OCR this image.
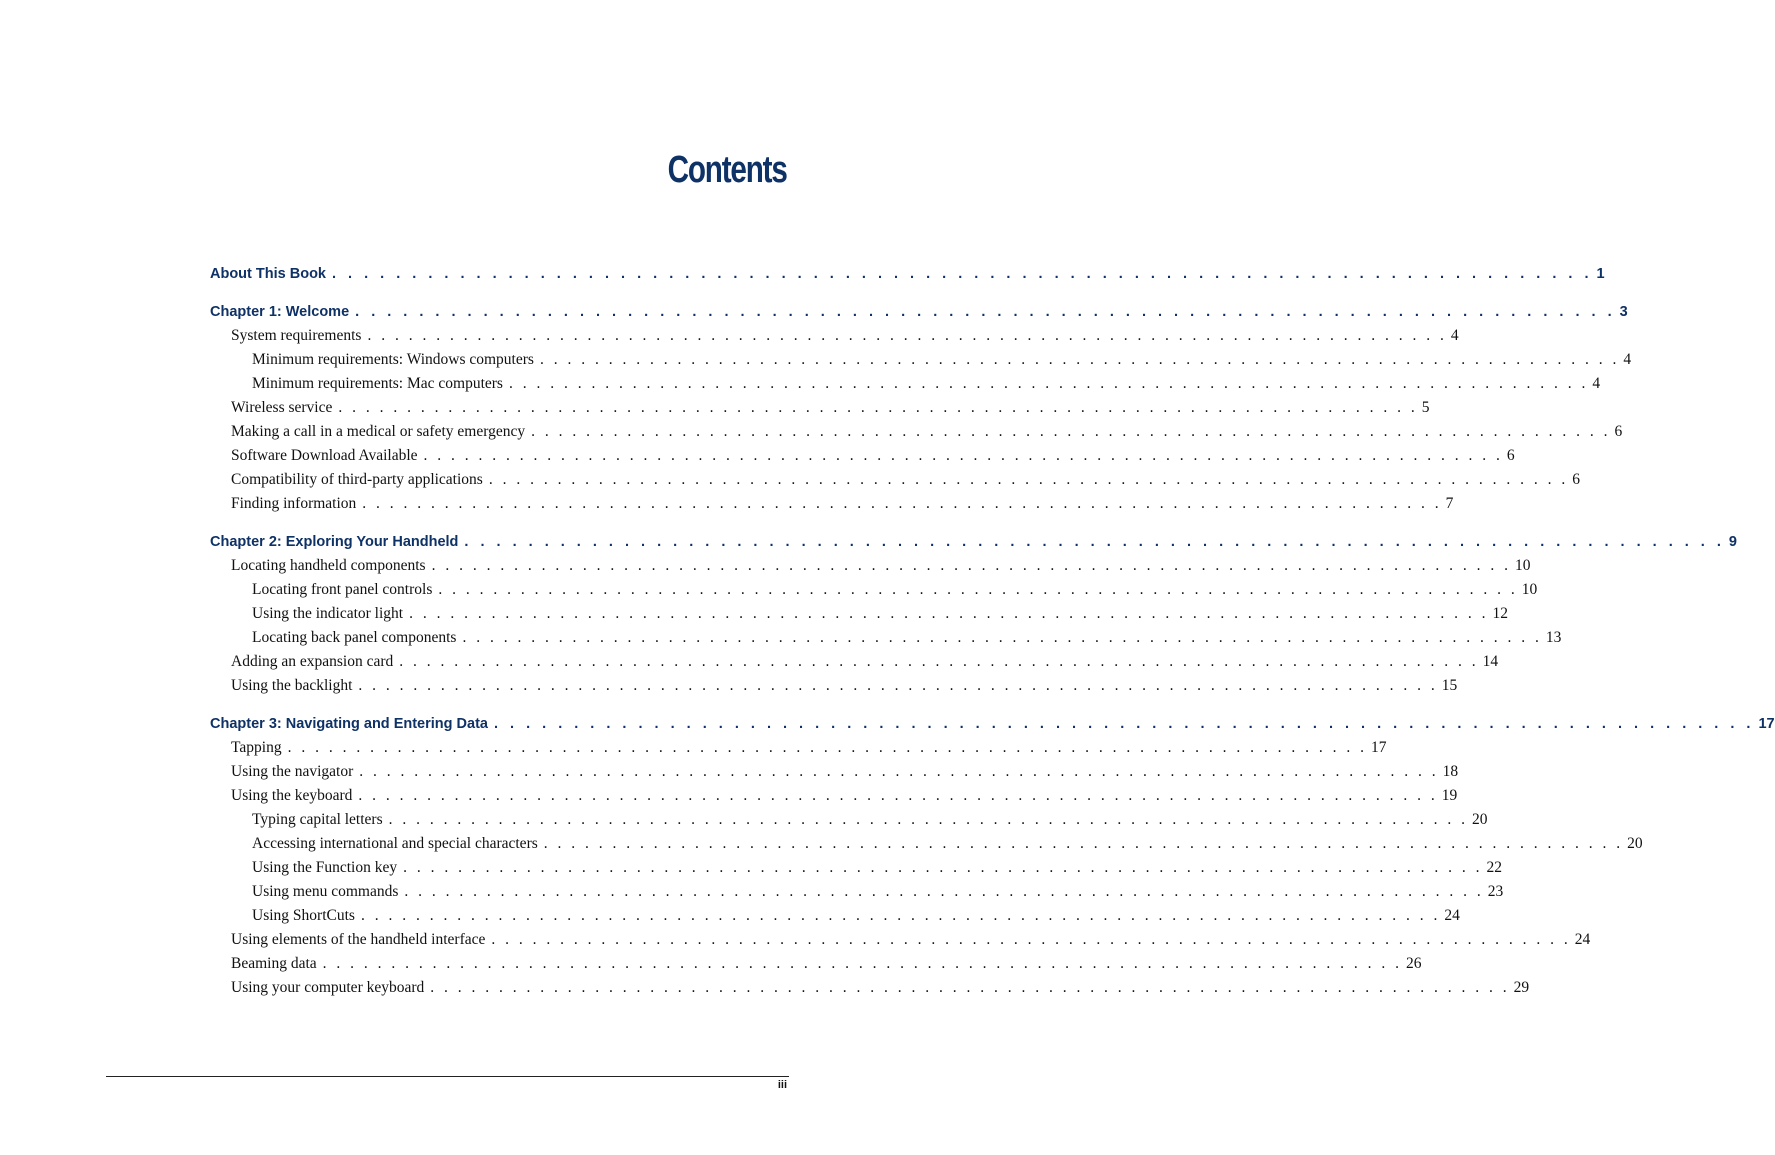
Contents
About This Book . . . . . . . . . . . . . . . . . . . . . . . . . . . . . . . . . . . . . . . . . . . . . . . . . . . . . . . . . . . . . . . . . . . . . . . . . . . . . . . 1
Chapter 1: Welcome . . . . . . . . . . . . . . . . . . . . . . . . . . . . . . . . . . . . . . . . . . . . . . . . . . . . . . . . . . . . . . . . . . . . . . . . . . . . . . . 3
System requirements . . . . . . . . . . . . . . . . . . . . . . . . . . . . . . . . . . . . . . . . . . . . . . . . . . . . . . . . . . . . . . . . . . . . . . . . . . . . . . . 4
Minimum requirements: Windows computers . . . . . . . . . . . . . . . . . . . . . . . . . . . . . . . . . . . . . . . . . . . . . . . . . . . . . . . . . . . . . . . . . . . . . . . . . . . . . . . 4
Minimum requirements: Mac computers . . . . . . . . . . . . . . . . . . . . . . . . . . . . . . . . . . . . . . . . . . . . . . . . . . . . . . . . . . . . . . . . . . . . . . . . . . . . . . . 4
Wireless service . . . . . . . . . . . . . . . . . . . . . . . . . . . . . . . . . . . . . . . . . . . . . . . . . . . . . . . . . . . . . . . . . . . . . . . . . . . . . . . 5
Making a call in a medical or safety emergency . . . . . . . . . . . . . . . . . . . . . . . . . . . . . . . . . . . . . . . . . . . . . . . . . . . . . . . . . . . . . . . . . . . . . . . . . . . . . . . 6
Software Download Available . . . . . . . . . . . . . . . . . . . . . . . . . . . . . . . . . . . . . . . . . . . . . . . . . . . . . . . . . . . . . . . . . . . . . . . . . . . . . . . 6
Compatibility of third-party applications . . . . . . . . . . . . . . . . . . . . . . . . . . . . . . . . . . . . . . . . . . . . . . . . . . . . . . . . . . . . . . . . . . . . . . . . . . . . . . . 6
Finding information . . . . . . . . . . . . . . . . . . . . . . . . . . . . . . . . . . . . . . . . . . . . . . . . . . . . . . . . . . . . . . . . . . . . . . . . . . . . . . . 7
Chapter 2: Exploring Your Handheld . . . . . . . . . . . . . . . . . . . . . . . . . . . . . . . . . . . . . . . . . . . . . . . . . . . . . . . . . . . . . . . . . . . . . . . . . . . . . . . 9
Locating handheld components . . . . . . . . . . . . . . . . . . . . . . . . . . . . . . . . . . . . . . . . . . . . . . . . . . . . . . . . . . . . . . . . . . . . . . . . . . . . . . . 10
Locating front panel controls . . . . . . . . . . . . . . . . . . . . . . . . . . . . . . . . . . . . . . . . . . . . . . . . . . . . . . . . . . . . . . . . . . . . . . . . . . . . . . . 10
Using the indicator light . . . . . . . . . . . . . . . . . . . . . . . . . . . . . . . . . . . . . . . . . . . . . . . . . . . . . . . . . . . . . . . . . . . . . . . . . . . . . . . 12
Locating back panel components . . . . . . . . . . . . . . . . . . . . . . . . . . . . . . . . . . . . . . . . . . . . . . . . . . . . . . . . . . . . . . . . . . . . . . . . . . . . . . . 13
Adding an expansion card . . . . . . . . . . . . . . . . . . . . . . . . . . . . . . . . . . . . . . . . . . . . . . . . . . . . . . . . . . . . . . . . . . . . . . . . . . . . . . . 14
Using the backlight . . . . . . . . . . . . . . . . . . . . . . . . . . . . . . . . . . . . . . . . . . . . . . . . . . . . . . . . . . . . . . . . . . . . . . . . . . . . . . . 15
Chapter 3: Navigating and Entering Data . . . . . . . . . . . . . . . . . . . . . . . . . . . . . . . . . . . . . . . . . . . . . . . . . . . . . . . . . . . . . . . . . . . . . . . . . . . . . . . 17
Tapping . . . . . . . . . . . . . . . . . . . . . . . . . . . . . . . . . . . . . . . . . . . . . . . . . . . . . . . . . . . . . . . . . . . . . . . . . . . . . . . 17
Using the navigator . . . . . . . . . . . . . . . . . . . . . . . . . . . . . . . . . . . . . . . . . . . . . . . . . . . . . . . . . . . . . . . . . . . . . . . . . . . . . . . 18
Using the keyboard . . . . . . . . . . . . . . . . . . . . . . . . . . . . . . . . . . . . . . . . . . . . . . . . . . . . . . . . . . . . . . . . . . . . . . . . . . . . . . . 19
Typing capital letters . . . . . . . . . . . . . . . . . . . . . . . . . . . . . . . . . . . . . . . . . . . . . . . . . . . . . . . . . . . . . . . . . . . . . . . . . . . . . . . 20
Accessing international and special characters . . . . . . . . . . . . . . . . . . . . . . . . . . . . . . . . . . . . . . . . . . . . . . . . . . . . . . . . . . . . . . . . . . . . . . . . . . . . . . . 20
Using the Function key . . . . . . . . . . . . . . . . . . . . . . . . . . . . . . . . . . . . . . . . . . . . . . . . . . . . . . . . . . . . . . . . . . . . . . . . . . . . . . . 22
Using menu commands . . . . . . . . . . . . . . . . . . . . . . . . . . . . . . . . . . . . . . . . . . . . . . . . . . . . . . . . . . . . . . . . . . . . . . . . . . . . . . . 23
Using ShortCuts . . . . . . . . . . . . . . . . . . . . . . . . . . . . . . . . . . . . . . . . . . . . . . . . . . . . . . . . . . . . . . . . . . . . . . . . . . . . . . . 24
Using elements of the handheld interface . . . . . . . . . . . . . . . . . . . . . . . . . . . . . . . . . . . . . . . . . . . . . . . . . . . . . . . . . . . . . . . . . . . . . . . . . . . . . . . 24
Beaming data . . . . . . . . . . . . . . . . . . . . . . . . . . . . . . . . . . . . . . . . . . . . . . . . . . . . . . . . . . . . . . . . . . . . . . . . . . . . . . . 26
Using your computer keyboard . . . . . . . . . . . . . . . . . . . . . . . . . . . . . . . . . . . . . . . . . . . . . . . . . . . . . . . . . . . . . . . . . . . . . . . . . . . . . . . 29
iii
